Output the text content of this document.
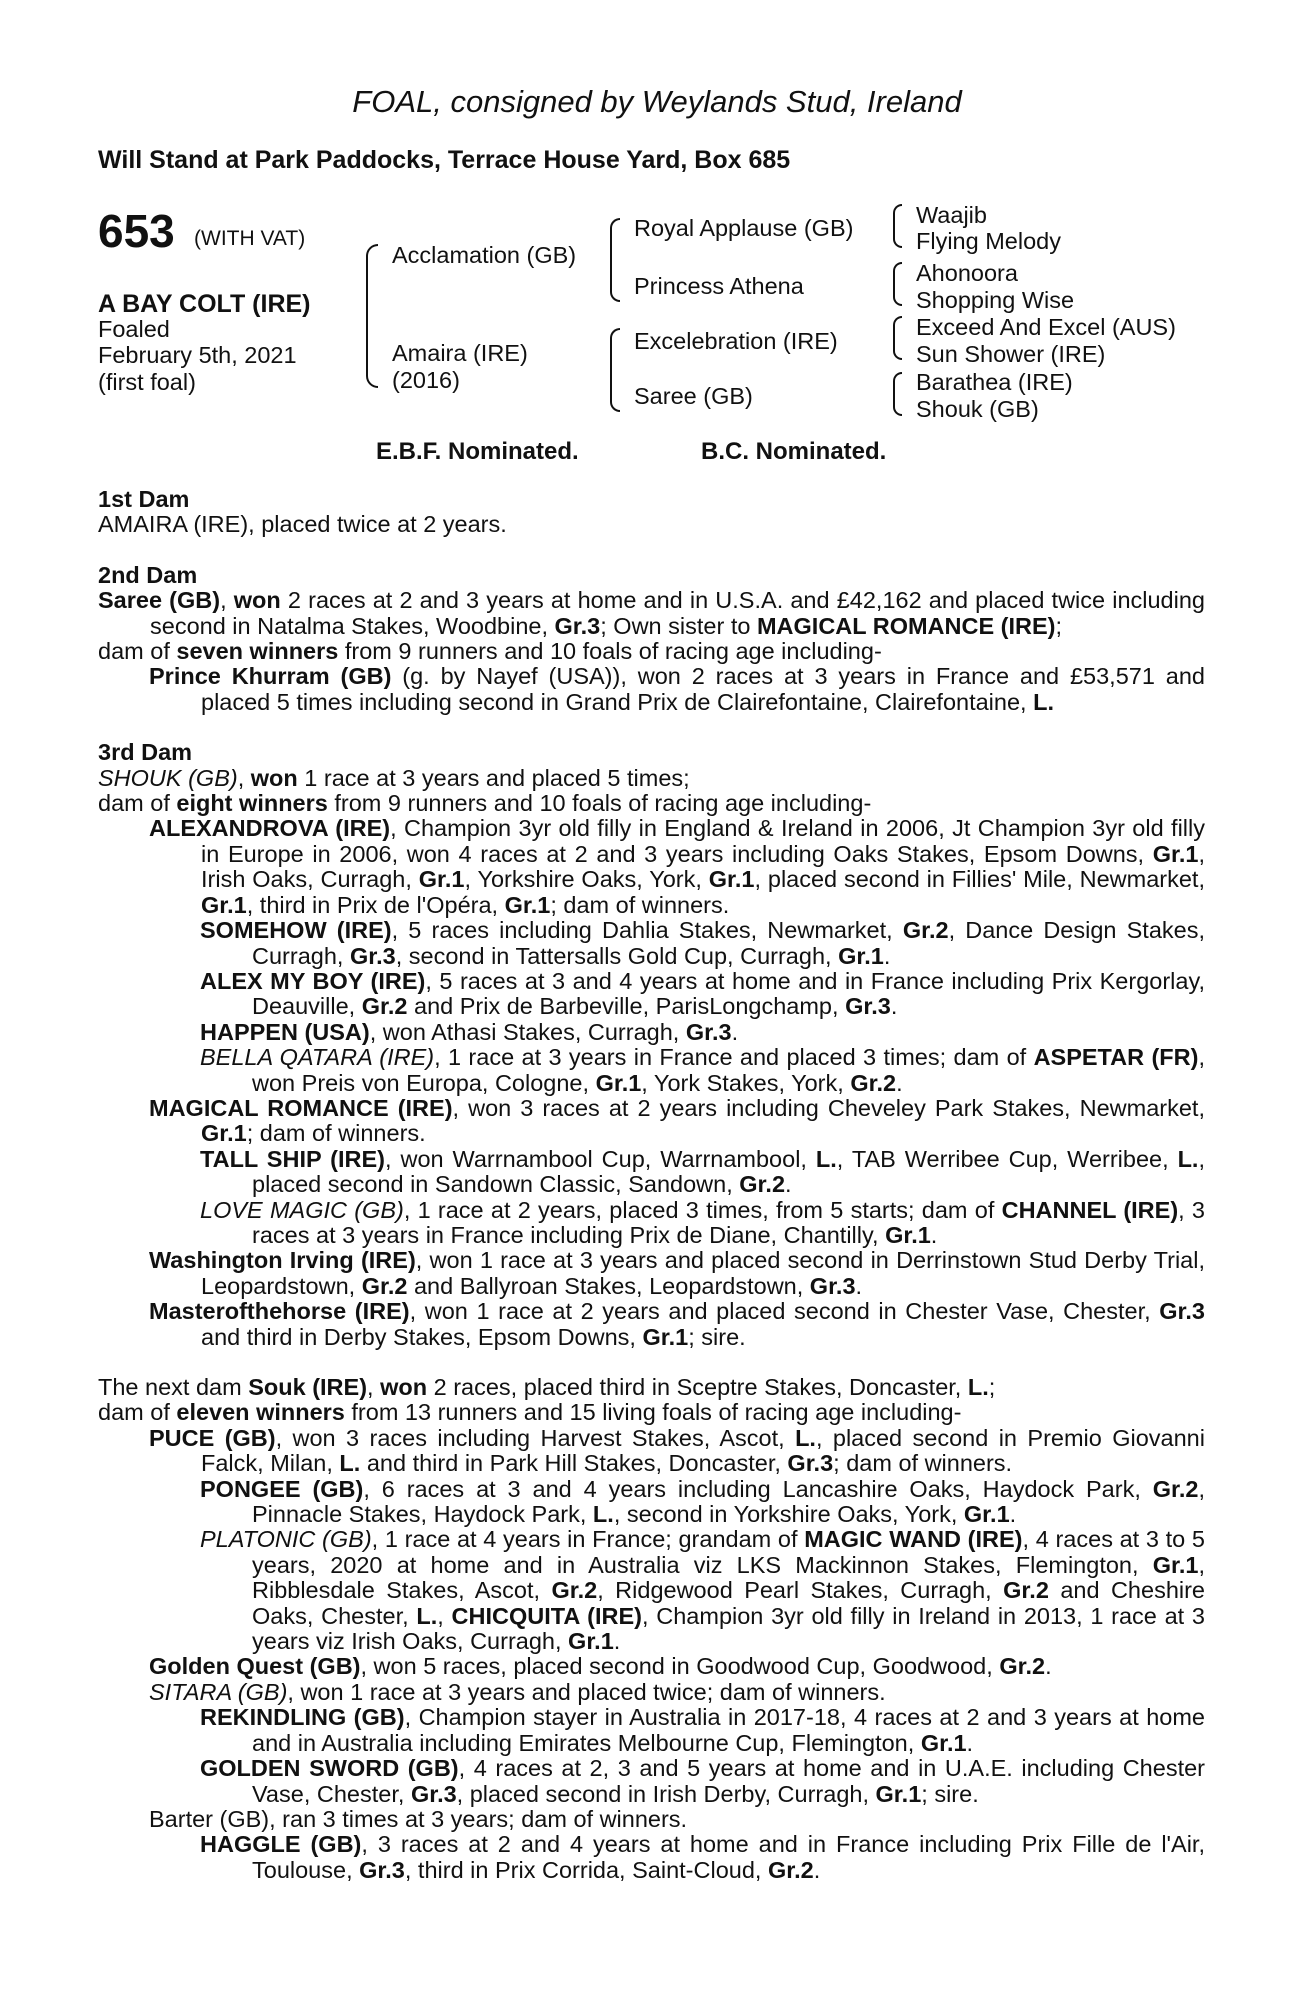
FOAL, consigned by Weylands Stud, Ireland
Will Stand at Park Paddocks, Terrace House Yard, Box 685
653 (WITH VAT)
A BAY COLT (IRE)
Foaled
February 5th, 2021
(first foal)
Acclamation (GB)
Amaira (IRE)
(2016)
Royal Applause (GB)
Princess Athena
Excelebration (IRE)
Saree (GB)
Waajib
Flying Melody
Ahonoora
Shopping Wise
Exceed And Excel (AUS)
Sun Shower (IRE)
Barathea (IRE)
Shouk (GB)
E.B.F. Nominated.	B.C. Nominated.

1st Dam

AMAIRA (IRE), placed twice at 2 years.

2nd Dam

Saree (GB), won 2 races at 2 and 3 years at home and in U.S.A. and £42,162 and placed twice including second in Natalma Stakes, Woodbine, Gr.3; Own sister to MAGICAL ROMANCE (IRE);

dam of seven winners from 9 runners and 10 foals of racing age including-

Prince Khurram (GB) (g. by Nayef (USA)), won 2 races at 3 years in France and £53,571 and placed 5 times including second in Grand Prix de Clairefontaine, Clairefontaine, L.

3rd Dam

SHOUK (GB), won 1 race at 3 years and placed 5 times;

dam of eight winners from 9 runners and 10 foals of racing age including-

ALEXANDROVA (IRE), Champion 3yr old filly in England & Ireland in 2006, Jt Champion 3yr old filly in Europe in 2006, won 4 races at 2 and 3 years including Oaks Stakes, Epsom Downs, Gr.1, Irish Oaks, Curragh, Gr.1, Yorkshire Oaks, York, Gr.1, placed second in Fillies' Mile, Newmarket, Gr.1, third in Prix de l'Opéra, Gr.1; dam of winners.

SOMEHOW (IRE), 5 races including Dahlia Stakes, Newmarket, Gr.2, Dance Design Stakes, Curragh, Gr.3, second in Tattersalls Gold Cup, Curragh, Gr.1.

ALEX MY BOY (IRE), 5 races at 3 and 4 years at home and in France including Prix Kergorlay, Deauville, Gr.2 and Prix de Barbeville, ParisLongchamp, Gr.3.

HAPPEN (USA), won Athasi Stakes, Curragh, Gr.3.

BELLA QATARA (IRE), 1 race at 3 years in France and placed 3 times; dam of ASPETAR (FR), won Preis von Europa, Cologne, Gr.1, York Stakes, York, Gr.2.

MAGICAL ROMANCE (IRE), won 3 races at 2 years including Cheveley Park Stakes, Newmarket, Gr.1; dam of winners.

TALL SHIP (IRE), won Warrnambool Cup, Warrnambool, L., TAB Werribee Cup, Werribee, L., placed second in Sandown Classic, Sandown, Gr.2.

LOVE MAGIC (GB), 1 race at 2 years, placed 3 times, from 5 starts; dam of CHANNEL (IRE), 3 races at 3 years in France including Prix de Diane, Chantilly, Gr.1.

Washington Irving (IRE), won 1 race at 3 years and placed second in Derrinstown Stud Derby Trial, Leopardstown, Gr.2 and Ballyroan Stakes, Leopardstown, Gr.3.

Masterofthehorse (IRE), won 1 race at 2 years and placed second in Chester Vase, Chester, Gr.3 and third in Derby Stakes, Epsom Downs, Gr.1; sire.

The next dam Souk (IRE), won 2 races, placed third in Sceptre Stakes, Doncaster, L.;

dam of eleven winners from 13 runners and 15 living foals of racing age including-

PUCE (GB), won 3 races including Harvest Stakes, Ascot, L., placed second in Premio Giovanni Falck, Milan, L. and third in Park Hill Stakes, Doncaster, Gr.3; dam of winners.

PONGEE (GB), 6 races at 3 and 4 years including Lancashire Oaks, Haydock Park, Gr.2, Pinnacle Stakes, Haydock Park, L., second in Yorkshire Oaks, York, Gr.1.

PLATONIC (GB), 1 race at 4 years in France; grandam of MAGIC WAND (IRE), 4 races at 3 to 5 years, 2020 at home and in Australia viz LKS Mackinnon Stakes, Flemington, Gr.1, Ribblesdale Stakes, Ascot, Gr.2, Ridgewood Pearl Stakes, Curragh, Gr.2 and Cheshire Oaks, Chester, L., CHICQUITA (IRE), Champion 3yr old filly in Ireland in 2013, 1 race at 3 years viz Irish Oaks, Curragh, Gr.1.

Golden Quest (GB), won 5 races, placed second in Goodwood Cup, Goodwood, Gr.2.

SITARA (GB), won 1 race at 3 years and placed twice; dam of winners.

REKINDLING (GB), Champion stayer in Australia in 2017-18, 4 races at 2 and 3 years at home and in Australia including Emirates Melbourne Cup, Flemington, Gr.1.

GOLDEN SWORD (GB), 4 races at 2, 3 and 5 years at home and in U.A.E. including Chester Vase, Chester, Gr.3, placed second in Irish Derby, Curragh, Gr.1; sire.

Barter (GB), ran 3 times at 3 years; dam of winners.

HAGGLE (GB), 3 races at 2 and 4 years at home and in France including Prix Fille de l'Air, Toulouse, Gr.3, third in Prix Corrida, Saint-Cloud, Gr.2.
